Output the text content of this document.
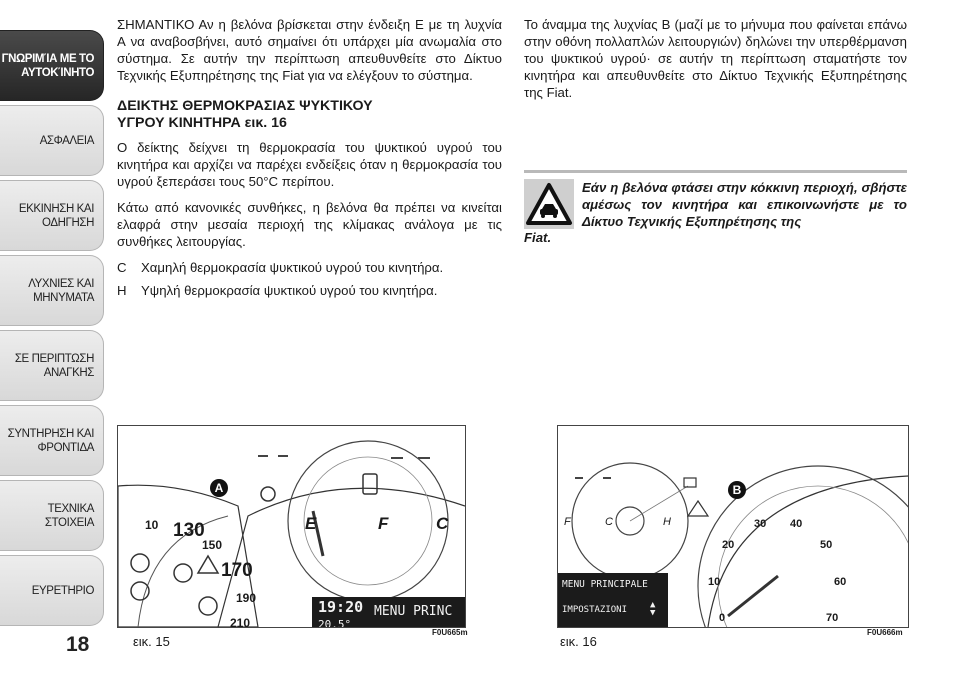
ΓΝΩΡΙΜΊΑ ΜΕ ΤΟ
ΑΥΤΟΚΊΝΗΤΟ
ΑΣΦΑΛΕΙΑ
ΕΚΚΙΝΗΣΗ ΚΑΙ
ΟΔΗΓΗΣΗ
ΛΥΧΝΙΕΣ ΚΑΙ
ΜΗΝΥΜΑΤΑ
ΣΕ ΠΕΡΙΠΤΩΣΗ
ΑΝΑΓΚΗΣ
ΣΥΝΤΗΡΗΣΗ ΚΑΙ
ΦΡΟΝΤΙΔΑ
ΤΕΧΝΙΚΑ ΣΤΟΙΧΕΙΑ
ΕΥΡΕΤΗΡΙΟ
18

ΣΗΜΑΝΤΙΚΟ Αν η βελόνα βρίσκεται στην ένδειξη E με τη λυχνία A να αναβοσβήνει, αυτό σημαίνει ότι υπάρχει μία ανωμαλία στο σύστημα. Σε αυτήν την περίπτωση απευθυνθείτε στο Δίκτυο Τεχνικής Εξυπηρέτησης της Fiat για να ελέγξουν το σύστημα.

ΔΕΙΚΤΗΣ ΘΕΡΜΟΚΡΑΣΙΑΣ ΨΥΚΤΙΚΟΥ
ΥΓΡΟΥ ΚΙΝΗΤΗΡΑ εικ. 16

Ο δείκτης δείχνει τη θερμοκρασία του ψυκτικού υγρού του κινητήρα και αρχίζει να παρέχει ενδείξεις όταν η θερμοκρασία του υγρού ξεπεράσει τους 50°C περίπου.

Κάτω από κανονικές συνθήκες, η βελόνα θα πρέπει να κινείται ελαφρά στην μεσαία περιοχή της κλίμακας ανάλογα με τις συνθήκες λειτουργίας.

C	Χαμηλή θερμοκρασία ψυκτικού υγρού του κινητήρα.
H	Υψηλή θερμοκρασία ψυκτικού υγρού του κινητήρα.

Το άναμμα της λυχνίας B (μαζί με το μήνυμα που φαίνεται επάνω στην οθόνη πολλαπλών λειτουργιών) δηλώνει την υπερθέρμανση του ψυκτικού υγρού· σε αυτήν τη περίπτωση σταματήστε τον κινητήρα και απευθυνθείτε στο Δίκτυο Τεχνικής Εξυπηρέτησης της Fiat.

Εάν η βελόνα φτάσει στην κόκκινη περιοχή, σβήστε αμέσως τον κινητήρα και επικοινωνήστε με το Δίκτυο Τεχνικής Εξυπηρέτησης της
Fiat.
A
E	F	C
10 130
150
170
190
210
19:20
20.5°
MENU PRINC
εικ. 15
F0U665m
B
F	C	H
0
10
20
30 40
50
60
70
MENU PRINCIPALE
IMPOSTAZIONI	▲
▼
εικ. 16
F0U666m
